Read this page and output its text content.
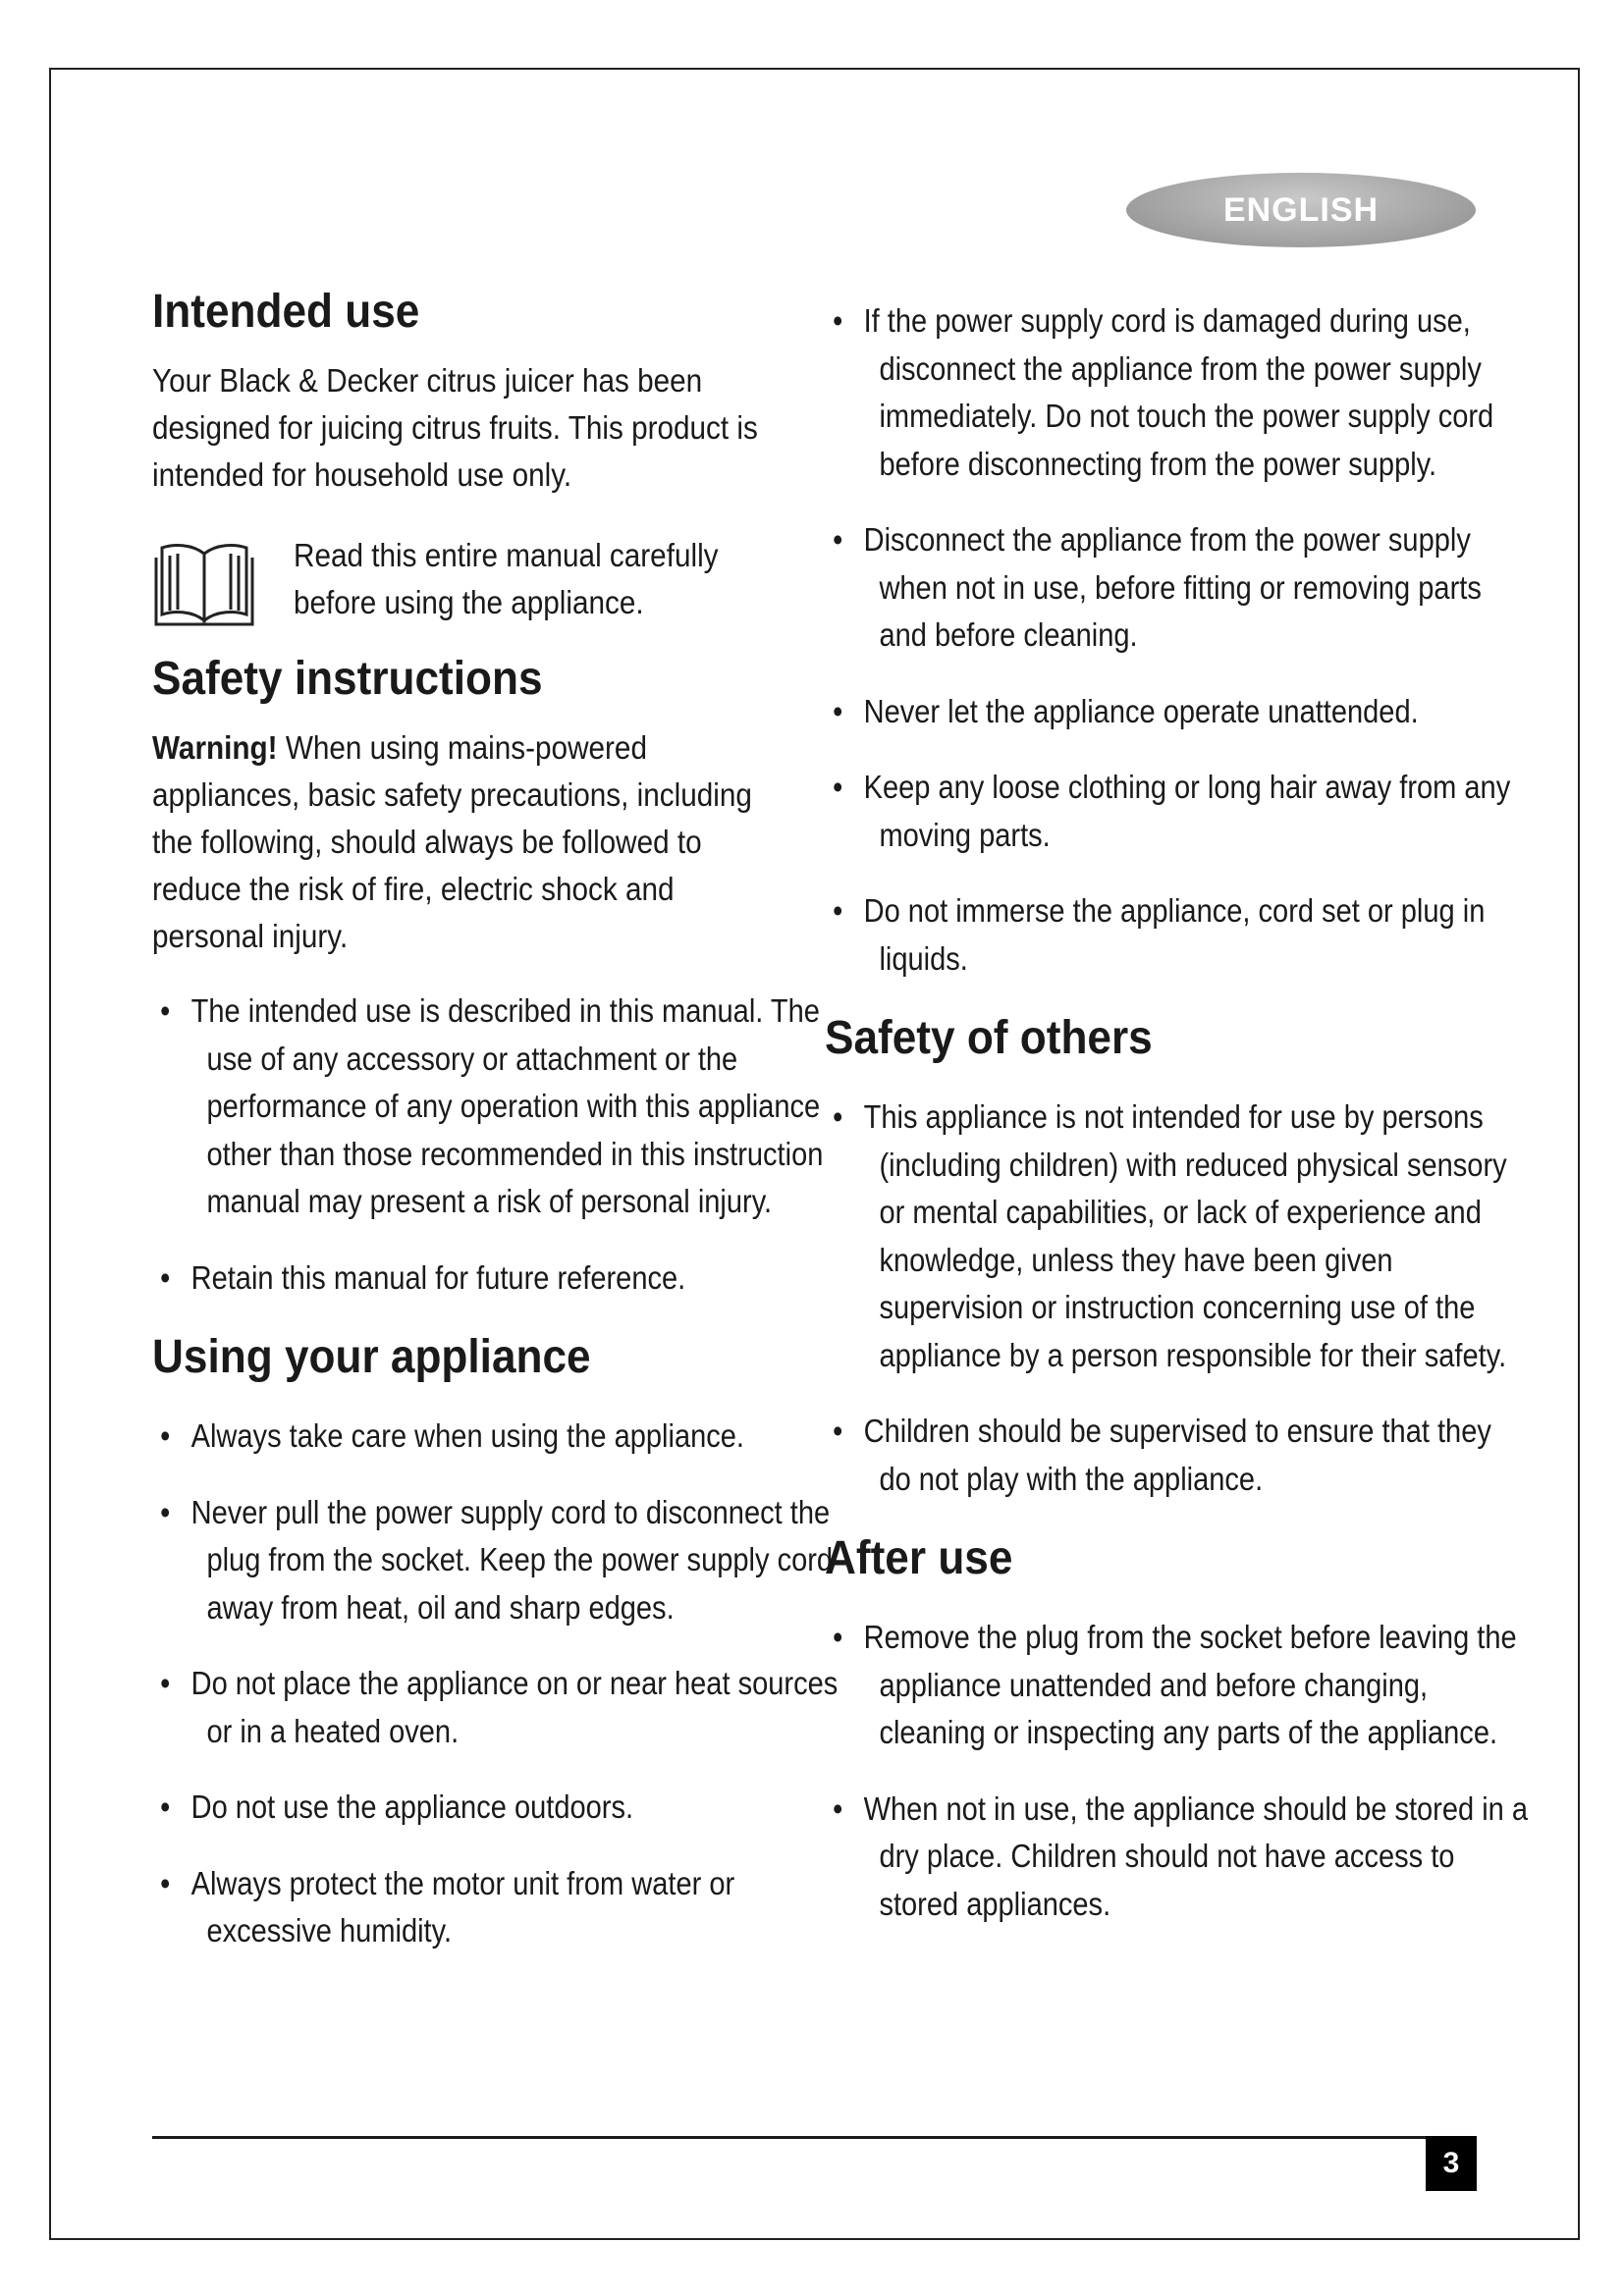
ENGLISH
Intended use

Your Black & Decker citrus juicer has been designed for juicing citrus fruits. This product is intended for household use only.

Read this entire manual carefully before using the appliance.
Safety instructions

Warning! When using mains-powered appliances, basic safety precautions, including the following, should always be followed to reduce the risk of fire, electric shock and personal injury.

• The intended use is described in this manual. The use of any accessory or attachment or the performance of any operation with this appliance other than those recommended in this instruction manual may present a risk of personal injury.
• Retain this manual for future reference.
Using your appliance
• Always take care when using the appliance.
• Never pull the power supply cord to disconnect the plug from the socket. Keep the power supply cord away from heat, oil and sharp edges.
• Do not place the appliance on or near heat sources or in a heated oven.
• Do not use the appliance outdoors.
• Always protect the motor unit from water or excessive humidity.
• If the power supply cord is damaged during use, disconnect the appliance from the power supply immediately. Do not touch the power supply cord before disconnecting from the power supply.
• Disconnect the appliance from the power supply when not in use, before fitting or removing parts and before cleaning.
• Never let the appliance operate unattended.
• Keep any loose clothing or long hair away from any moving parts.
• Do not immerse the appliance, cord set or plug in liquids.
Safety of others
• This appliance is not intended for use by persons (including children) with reduced physical sensory or mental capabilities, or lack of experience and knowledge, unless they have been given supervision or instruction concerning use of the appliance by a person responsible for their safety.
• Children should be supervised to ensure that they do not play with the appliance.
After use
• Remove the plug from the socket before leaving the appliance unattended and before changing, cleaning or inspecting any parts of the appliance.
• When not in use, the appliance should be stored in a dry place. Children should not have access to stored appliances.
3
